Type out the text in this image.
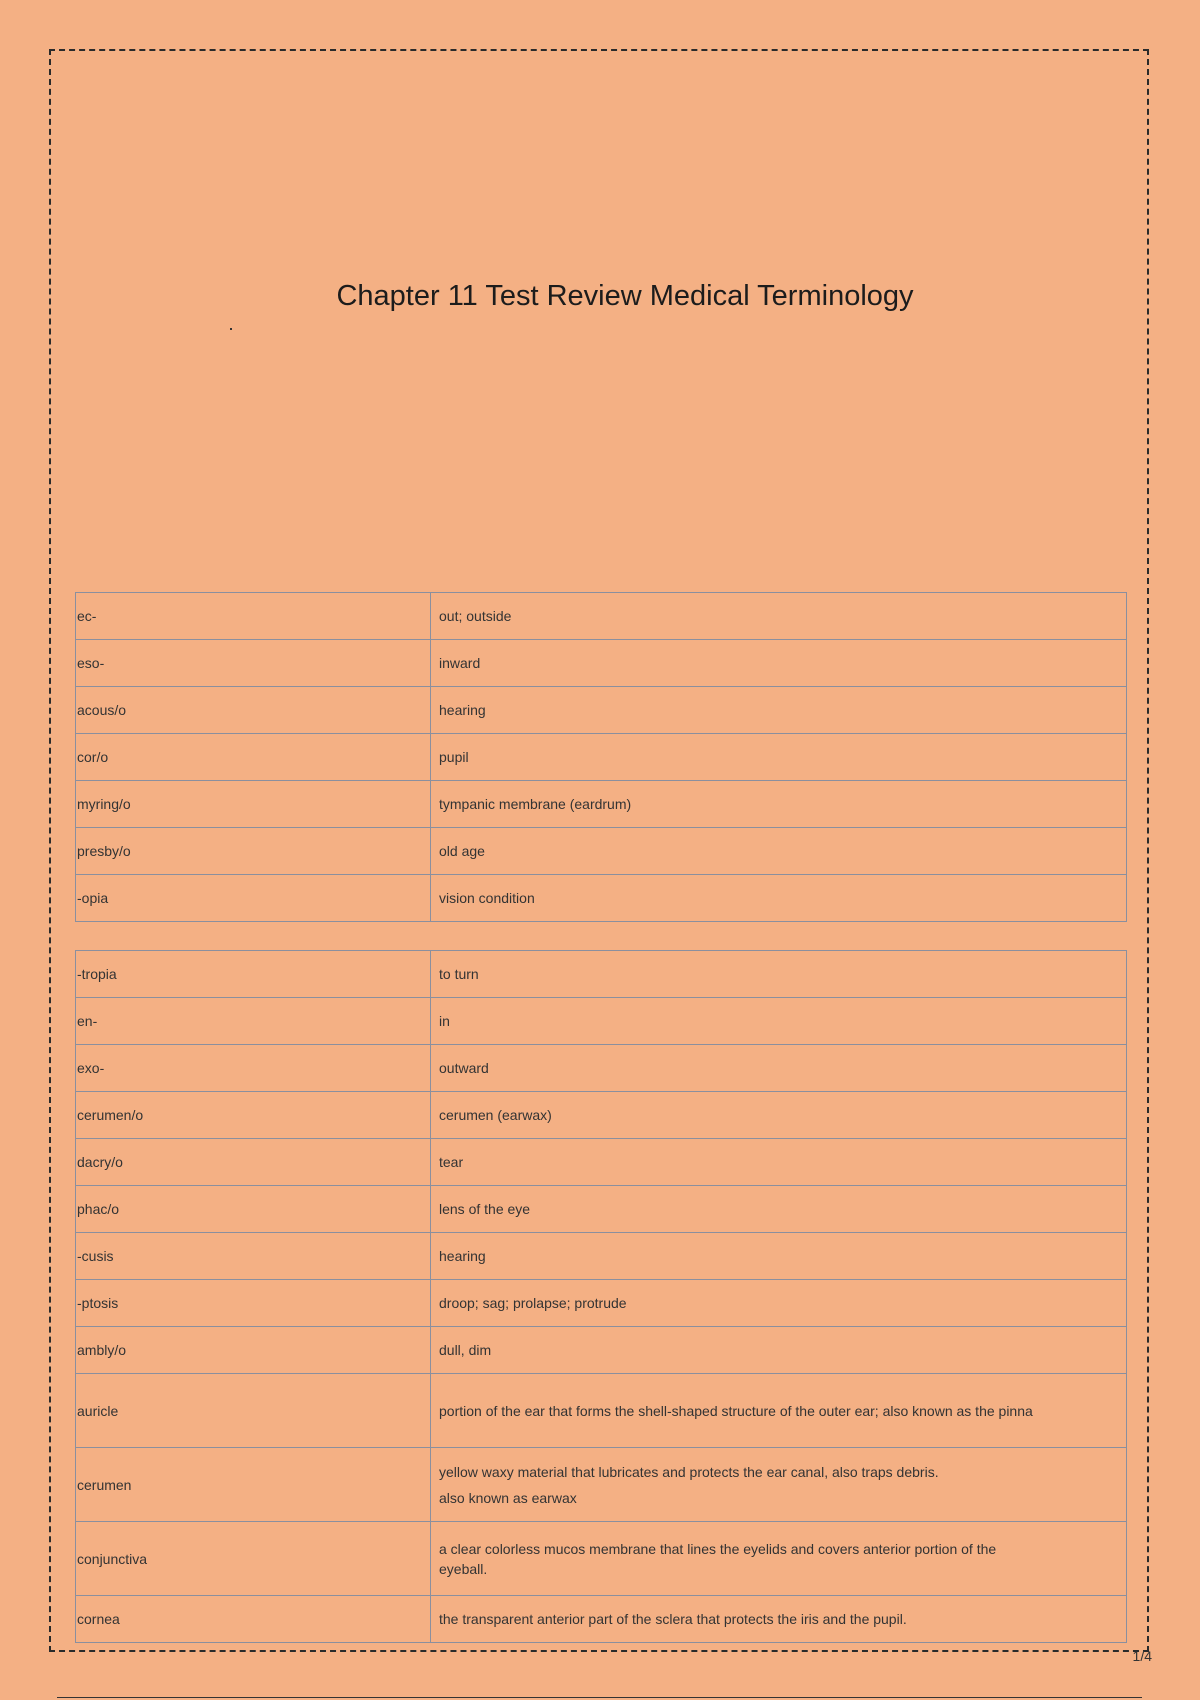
Chapter 11 Test Review Medical Terminology
ec-	out; outside
eso-	inward
acous/o	hearing
cor/o	pupil
myring/o	tympanic membrane (eardrum)
presby/o	old age
-opia	vision condition
-tropia	to turn
en-	in
exo-	outward
cerumen/o	cerumen (earwax)
dacry/o	tear
phac/o	lens of the eye
-cusis	hearing
-ptosis	droop; sag; prolapse; protrude
ambly/o	dull, dim
auricle	portion of the ear that forms the shell-shaped structure of the outer ear; also known as the pinna
cerumen	yellow waxy material that lubricates and protects the ear canal, also traps debris.
also known as earwax

conjunctiva	a clear colorless mucos membrane that lines the eyelids and covers anterior portion of the eyeball.
cornea	the transparent anterior part of the sclera that protects the iris and the pupil.
1/4
